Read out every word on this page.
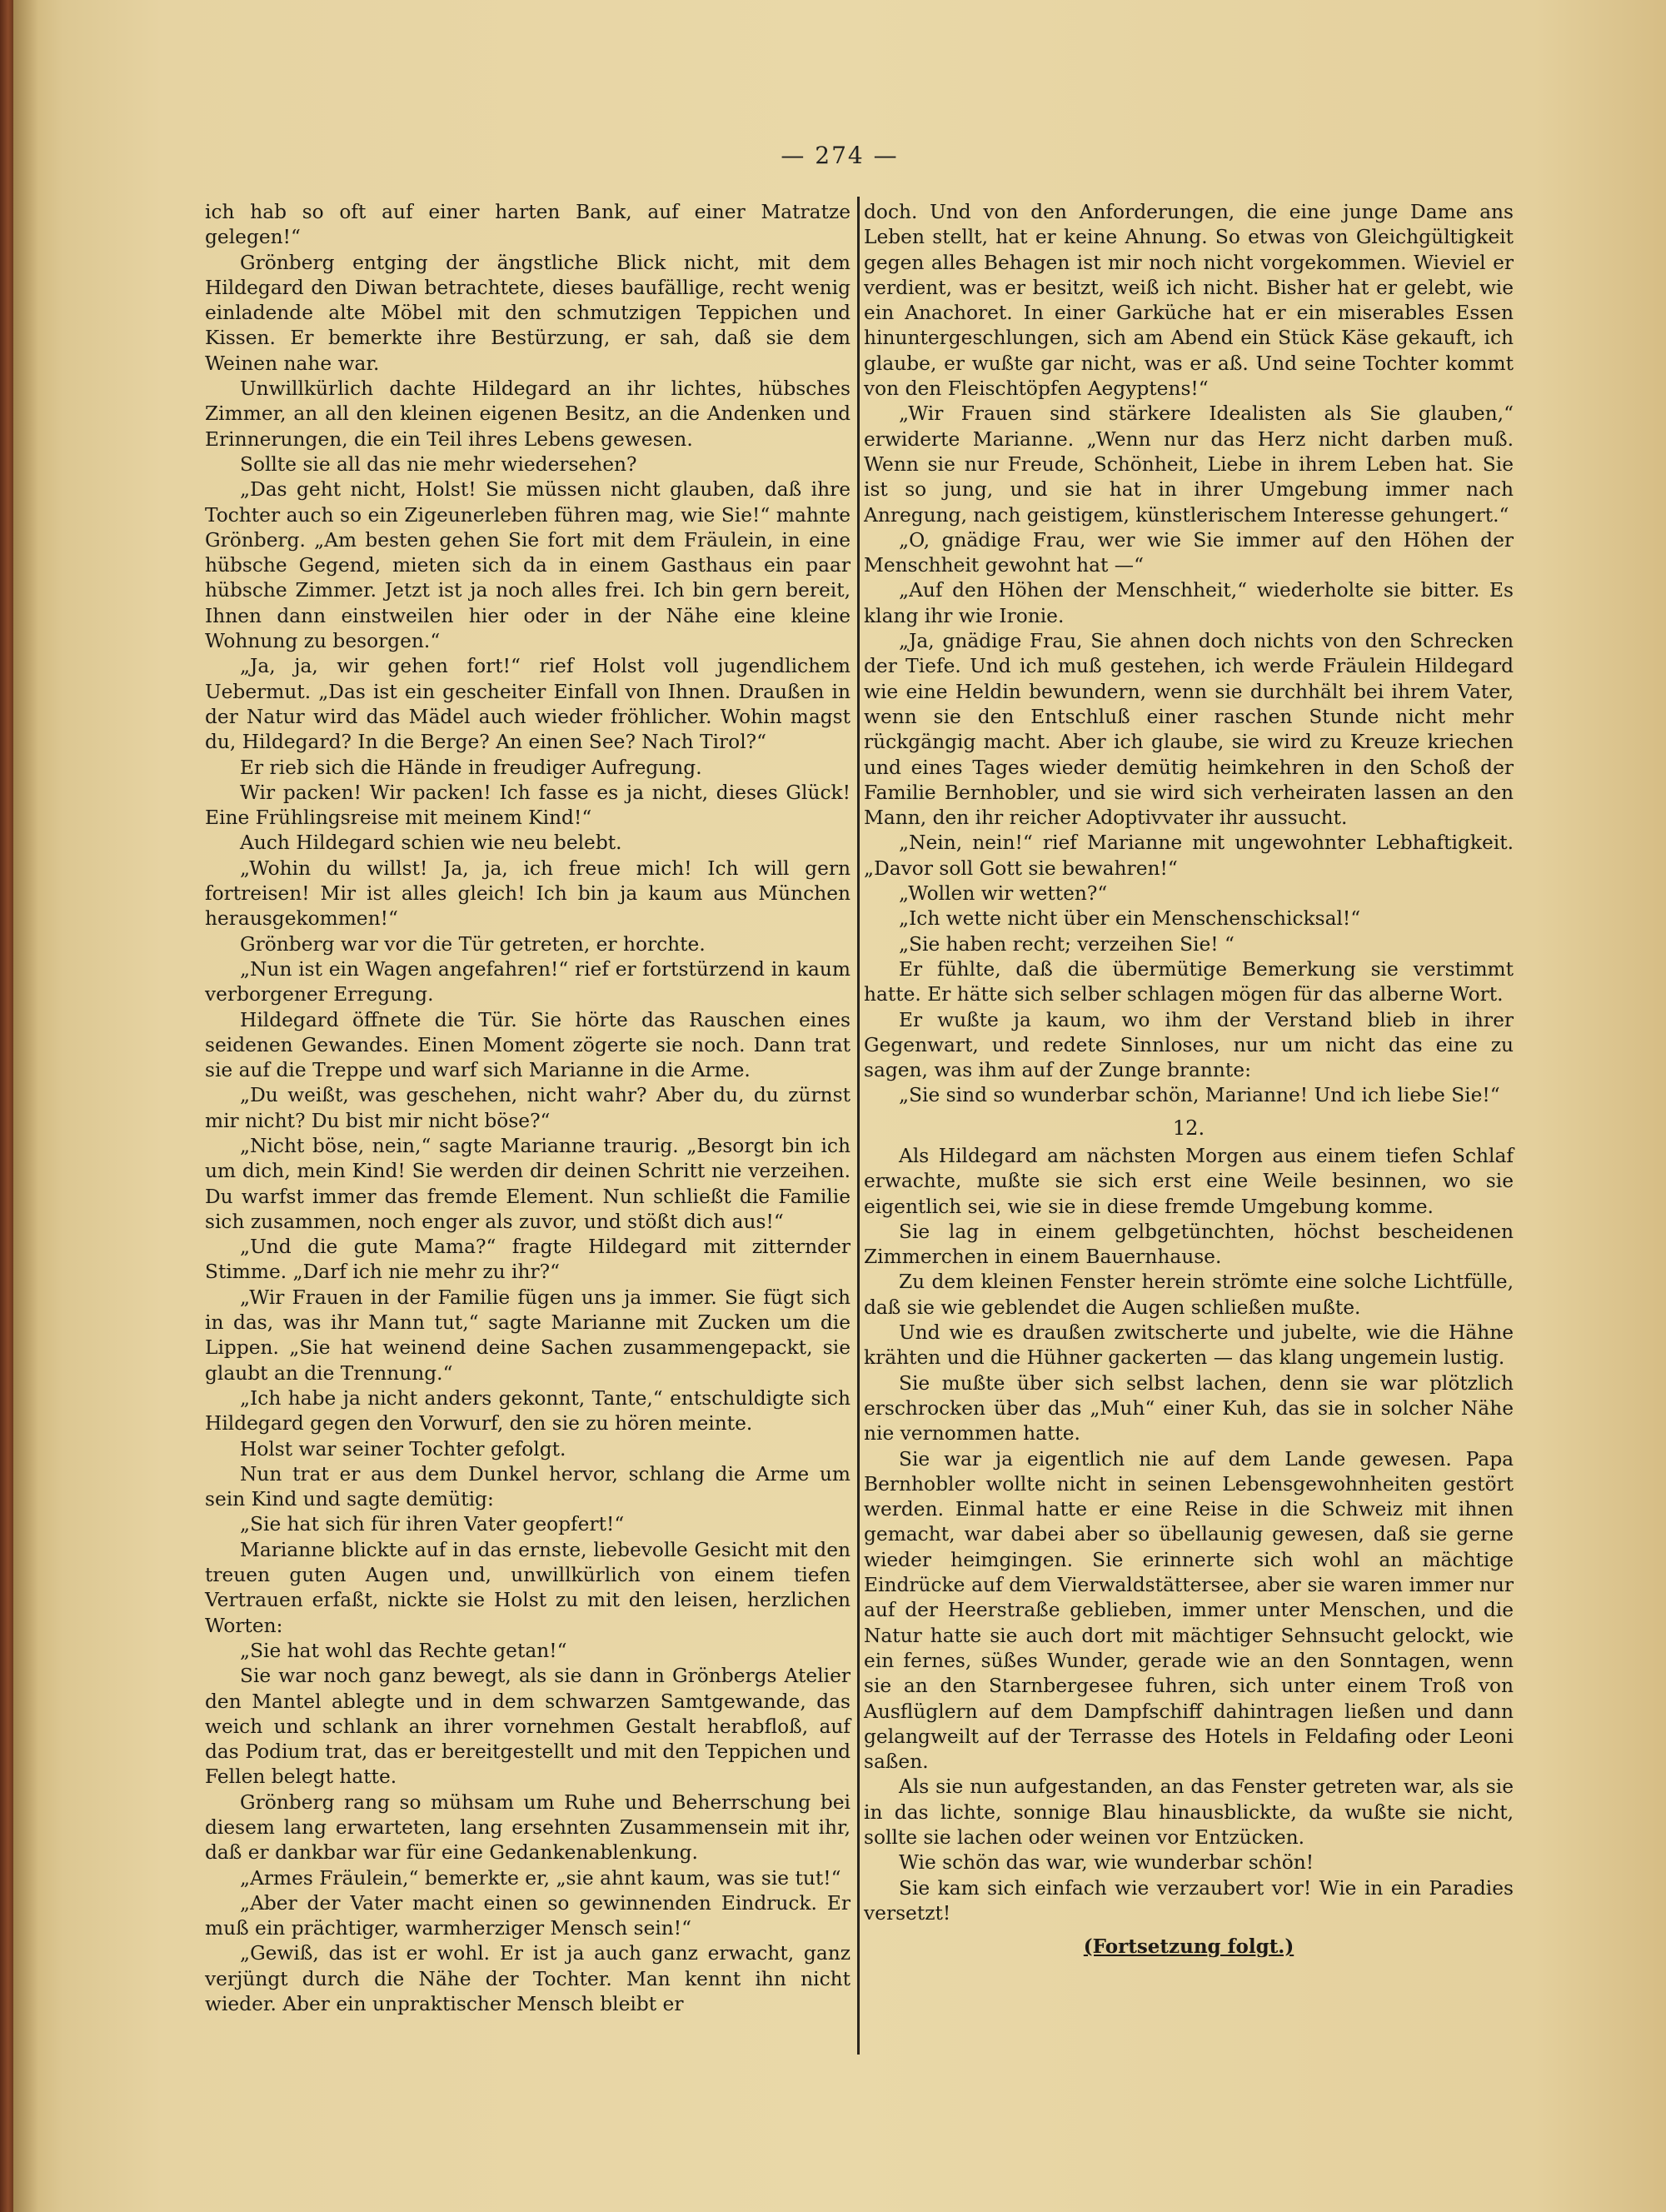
— 274 —

ich hab so oft auf einer harten Bank, auf einer Matratze gelegen!“

Grönberg entging der ängstliche Blick nicht, mit dem Hildegard den Diwan betrachtete, dieses baufällige, recht wenig einladende alte Möbel mit den schmutzigen Teppichen und Kissen. Er bemerkte ihre Bestürzung, er sah, daß sie dem Weinen nahe war.

Unwillkürlich dachte Hildegard an ihr lichtes, hübsches Zimmer, an all den kleinen eigenen Besitz, an die Andenken und Erinnerungen, die ein Teil ihres Lebens gewesen.

Sollte sie all das nie mehr wiedersehen?

„Das geht nicht, Holst! Sie müssen nicht glauben, daß ihre Tochter auch so ein Zigeunerleben führen mag, wie Sie!“ mahnte Grönberg. „Am besten gehen Sie fort mit dem Fräulein, in eine hübsche Gegend, mieten sich da in einem Gasthaus ein paar hübsche Zimmer. Jetzt ist ja noch alles frei. Ich bin gern bereit, Ihnen dann einstweilen hier oder in der Nähe eine kleine Wohnung zu besorgen.“

„Ja, ja, wir gehen fort!“ rief Holst voll jugendlichem Uebermut. „Das ist ein gescheiter Einfall von Ihnen. Draußen in der Natur wird das Mädel auch wieder fröhlicher. Wohin magst du, Hildegard? In die Berge? An einen See? Nach Tirol?“

Er rieb sich die Hände in freudiger Aufregung.

Wir packen! Wir packen! Ich fasse es ja nicht, dieses Glück! Eine Frühlingsreise mit meinem Kind!“

Auch Hildegard schien wie neu belebt.

„Wohin du willst! Ja, ja, ich freue mich! Ich will gern fortreisen! Mir ist alles gleich! Ich bin ja kaum aus München herausgekommen!“

Grönberg war vor die Tür getreten, er horchte.

„Nun ist ein Wagen angefahren!“ rief er fortstürzend in kaum verborgener Erregung.

Hildegard öffnete die Tür. Sie hörte das Rauschen eines seidenen Gewandes. Einen Moment zögerte sie noch. Dann trat sie auf die Treppe und warf sich Marianne in die Arme.

„Du weißt, was geschehen, nicht wahr? Aber du, du zürnst mir nicht? Du bist mir nicht böse?“

„Nicht böse, nein,“ sagte Marianne traurig. „Besorgt bin ich um dich, mein Kind! Sie werden dir deinen Schritt nie verzeihen. Du warfst immer das fremde Element. Nun schließt die Familie sich zusammen, noch enger als zuvor, und stößt dich aus!“

„Und die gute Mama?“ fragte Hildegard mit zitternder Stimme. „Darf ich nie mehr zu ihr?“

„Wir Frauen in der Familie fügen uns ja immer. Sie fügt sich in das, was ihr Mann tut,“ sagte Marianne mit Zucken um die Lippen. „Sie hat weinend deine Sachen zusammengepackt, sie glaubt an die Trennung.“

„Ich habe ja nicht anders gekonnt, Tante,“ entschuldigte sich Hildegard gegen den Vorwurf, den sie zu hören meinte.

Holst war seiner Tochter gefolgt.

Nun trat er aus dem Dunkel hervor, schlang die Arme um sein Kind und sagte demütig:

„Sie hat sich für ihren Vater geopfert!“

Marianne blickte auf in das ernste, liebevolle Gesicht mit den treuen guten Augen und, unwillkürlich von einem tiefen Vertrauen erfaßt, nickte sie Holst zu mit den leisen, herzlichen Worten:

„Sie hat wohl das Rechte getan!“

Sie war noch ganz bewegt, als sie dann in Grönbergs Atelier den Mantel ablegte und in dem schwarzen Samtgewande, das weich und schlank an ihrer vornehmen Gestalt herabfloß, auf das Podium trat, das er bereitgestellt und mit den Teppichen und Fellen belegt hatte.

Grönberg rang so mühsam um Ruhe und Beherrschung bei diesem lang erwarteten, lang ersehnten Zusammensein mit ihr, daß er dankbar war für eine Gedankenablenkung.

„Armes Fräulein,“ bemerkte er, „sie ahnt kaum, was sie tut!“

„Aber der Vater macht einen so gewinnenden Eindruck. Er muß ein prächtiger, warmherziger Mensch sein!“

„Gewiß, das ist er wohl. Er ist ja auch ganz erwacht, ganz verjüngt durch die Nähe der Tochter. Man kennt ihn nicht wieder. Aber ein unpraktischer Mensch bleibt er

doch. Und von den Anforderungen, die eine junge Dame ans Leben stellt, hat er keine Ahnung. So etwas von Gleichgültigkeit gegen alles Behagen ist mir noch nicht vorgekommen. Wieviel er verdient, was er besitzt, weiß ich nicht. Bisher hat er gelebt, wie ein Anachoret. In einer Garküche hat er ein miserables Essen hinuntergeschlungen, sich am Abend ein Stück Käse gekauft, ich glaube, er wußte gar nicht, was er aß. Und seine Tochter kommt von den Fleischtöpfen Aegyptens!“

„Wir Frauen sind stärkere Idealisten als Sie glauben,“ erwiderte Marianne. „Wenn nur das Herz nicht darben muß. Wenn sie nur Freude, Schönheit, Liebe in ihrem Leben hat. Sie ist so jung, und sie hat in ihrer Umgebung immer nach Anregung, nach geistigem, künstlerischem Interesse gehungert.“

„O, gnädige Frau, wer wie Sie immer auf den Höhen der Menschheit gewohnt hat —“

„Auf den Höhen der Menschheit,“ wiederholte sie bitter. Es klang ihr wie Ironie.

„Ja, gnädige Frau, Sie ahnen doch nichts von den Schrecken der Tiefe. Und ich muß gestehen, ich werde Fräulein Hildegard wie eine Heldin bewundern, wenn sie durchhält bei ihrem Vater, wenn sie den Entschluß einer raschen Stunde nicht mehr rückgängig macht. Aber ich glaube, sie wird zu Kreuze kriechen und eines Tages wieder demütig heimkehren in den Schoß der Familie Bernhobler, und sie wird sich verheiraten lassen an den Mann, den ihr reicher Adoptivvater ihr aussucht.

„Nein, nein!“ rief Marianne mit ungewohnter Lebhaftigkeit. „Davor soll Gott sie bewahren!“

„Wollen wir wetten?“

„Ich wette nicht über ein Menschenschicksal!“

„Sie haben recht; verzeihen Sie! “

Er fühlte, daß die übermütige Bemerkung sie verstimmt hatte. Er hätte sich selber schlagen mögen für das alberne Wort.

Er wußte ja kaum, wo ihm der Verstand blieb in ihrer Gegenwart, und redete Sinnloses, nur um nicht das eine zu sagen, was ihm auf der Zunge brannte:

„Sie sind so wunderbar schön, Marianne! Und ich liebe Sie!“

12.

Als Hildegard am nächsten Morgen aus einem tiefen Schlaf erwachte, mußte sie sich erst eine Weile besinnen, wo sie eigentlich sei, wie sie in diese fremde Umgebung komme.

Sie lag in einem gelbgetünchten, höchst bescheidenen Zimmerchen in einem Bauernhause.

Zu dem kleinen Fenster herein strömte eine solche Lichtfülle, daß sie wie geblendet die Augen schließen mußte.

Und wie es draußen zwitscherte und jubelte, wie die Hähne krähten und die Hühner gackerten — das klang ungemein lustig.

Sie mußte über sich selbst lachen, denn sie war plötzlich erschrocken über das „Muh“ einer Kuh, das sie in solcher Nähe nie vernommen hatte.

Sie war ja eigentlich nie auf dem Lande gewesen. Papa Bernhobler wollte nicht in seinen Lebensgewohnheiten gestört werden. Einmal hatte er eine Reise in die Schweiz mit ihnen gemacht, war dabei aber so übellaunig gewesen, daß sie gerne wieder heimgingen. Sie erinnerte sich wohl an mächtige Eindrücke auf dem Vierwaldstättersee, aber sie waren immer nur auf der Heerstraße geblieben, immer unter Menschen, und die Natur hatte sie auch dort mit mächtiger Sehnsucht gelockt, wie ein fernes, süßes Wunder, gerade wie an den Sonntagen, wenn sie an den Starnbergesee fuhren, sich unter einem Troß von Ausflüglern auf dem Dampfschiff dahintragen ließen und dann gelangweilt auf der Terrasse des Hotels in Feldafing oder Leoni saßen.

Als sie nun aufgestanden, an das Fenster getreten war, als sie in das lichte, sonnige Blau hinausblickte, da wußte sie nicht, sollte sie lachen oder weinen vor Entzücken.

Wie schön das war, wie wunderbar schön!

Sie kam sich einfach wie verzaubert vor! Wie in ein Paradies versetzt!

(Fortsetzung folgt.)
